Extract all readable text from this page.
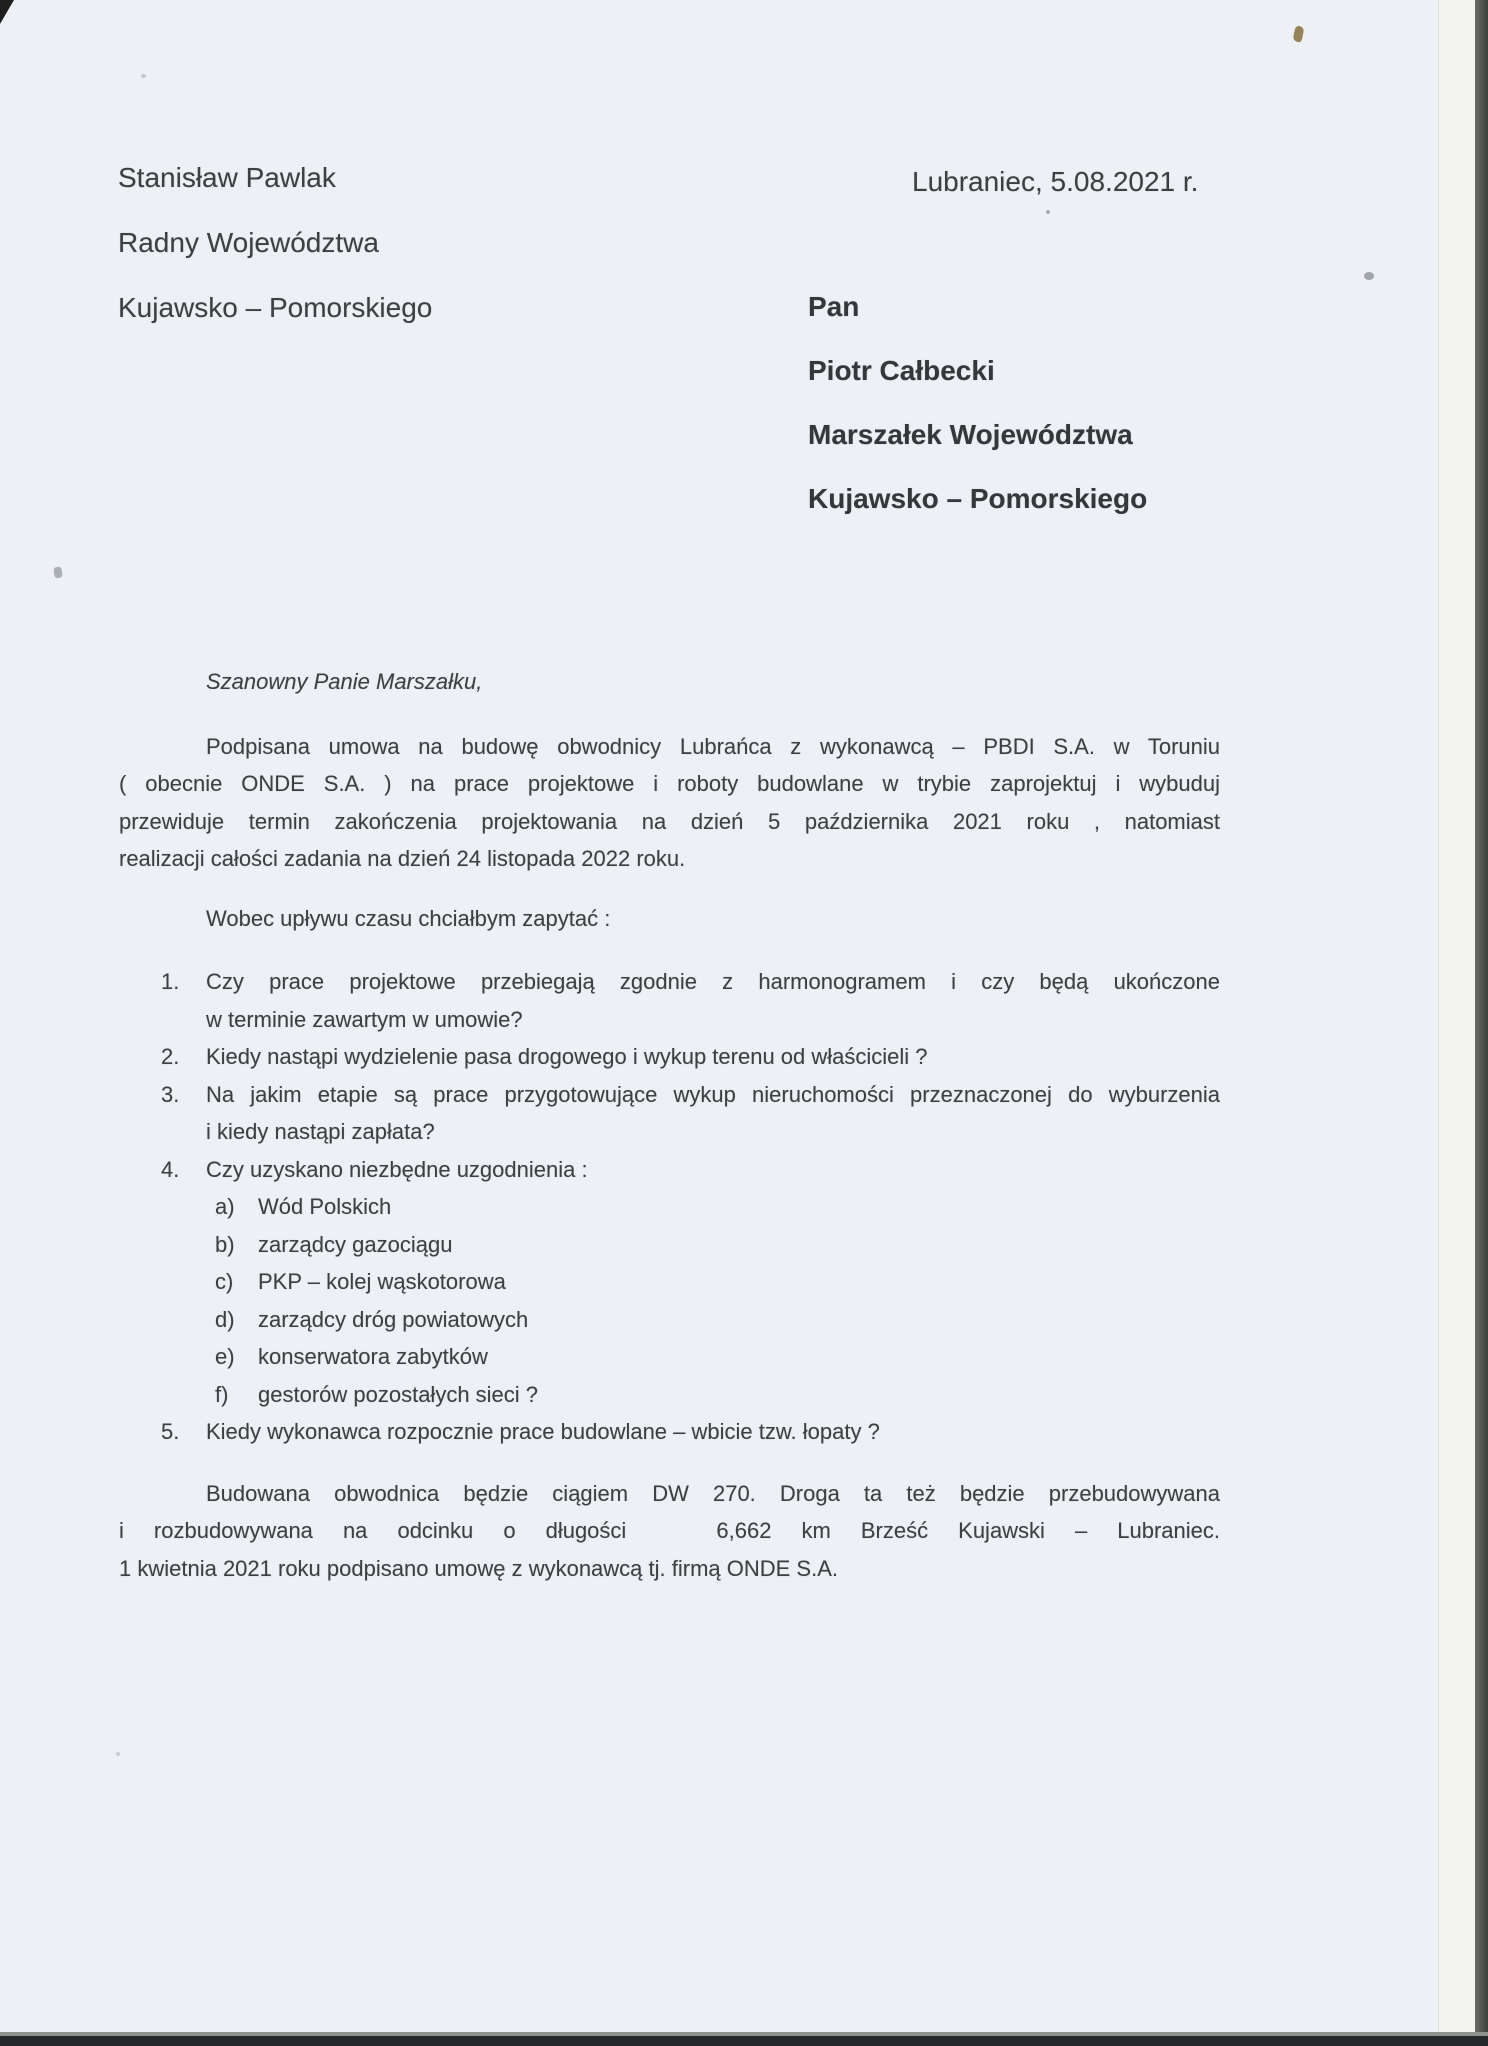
Stanisław Pawlak
Radny Województwa
Kujawsko – Pomorskiego
Lubraniec, 5.08.2021 r.
Pan
Piotr Całbecki
Marszałek Województwa
Kujawsko – Pomorskiego
Szanowny Panie Marszałku,
Podpisana umowa na budowę obwodnicy Lubrańca z wykonawcą – PBDI S.A. w Toruniu
( obecnie ONDE S.A. ) na prace projektowe i roboty budowlane w trybie zaprojektuj i wybuduj
przewiduje termin zakończenia projektowania na dzień 5 października 2021 roku , natomiast
realizacji całości zadania na dzień 24 listopada 2022 roku.
Wobec upływu czasu chciałbym zapytać :
1.	Czy prace projektowe przebiegają zgodnie z harmonogramem i czy będą ukończone
w terminie zawartym w umowie?
2.	Kiedy nastąpi wydzielenie pasa drogowego i wykup terenu od właścicieli ?
3.	Na jakim etapie są prace przygotowujące wykup nieruchomości przeznaczonej do wyburzenia
i kiedy nastąpi zapłata?
4.	Czy uzyskano niezbędne uzgodnienia :
a)	Wód Polskich
b)	zarządcy gazociągu
c)	PKP – kolej wąskotorowa
d)	zarządcy dróg powiatowych
e)	konserwatora zabytków
f)	gestorów pozostałych sieci ?
5.	Kiedy wykonawca rozpocznie prace budowlane – wbicie tzw. łopaty ?
Budowana obwodnica będzie ciągiem DW 270. Droga ta też będzie przebudowywana
i rozbudowywana na odcinku o długości   6,662 km Brześć Kujawski – Lubraniec.
1 kwietnia 2021 roku podpisano umowę z wykonawcą tj. firmą ONDE S.A.
